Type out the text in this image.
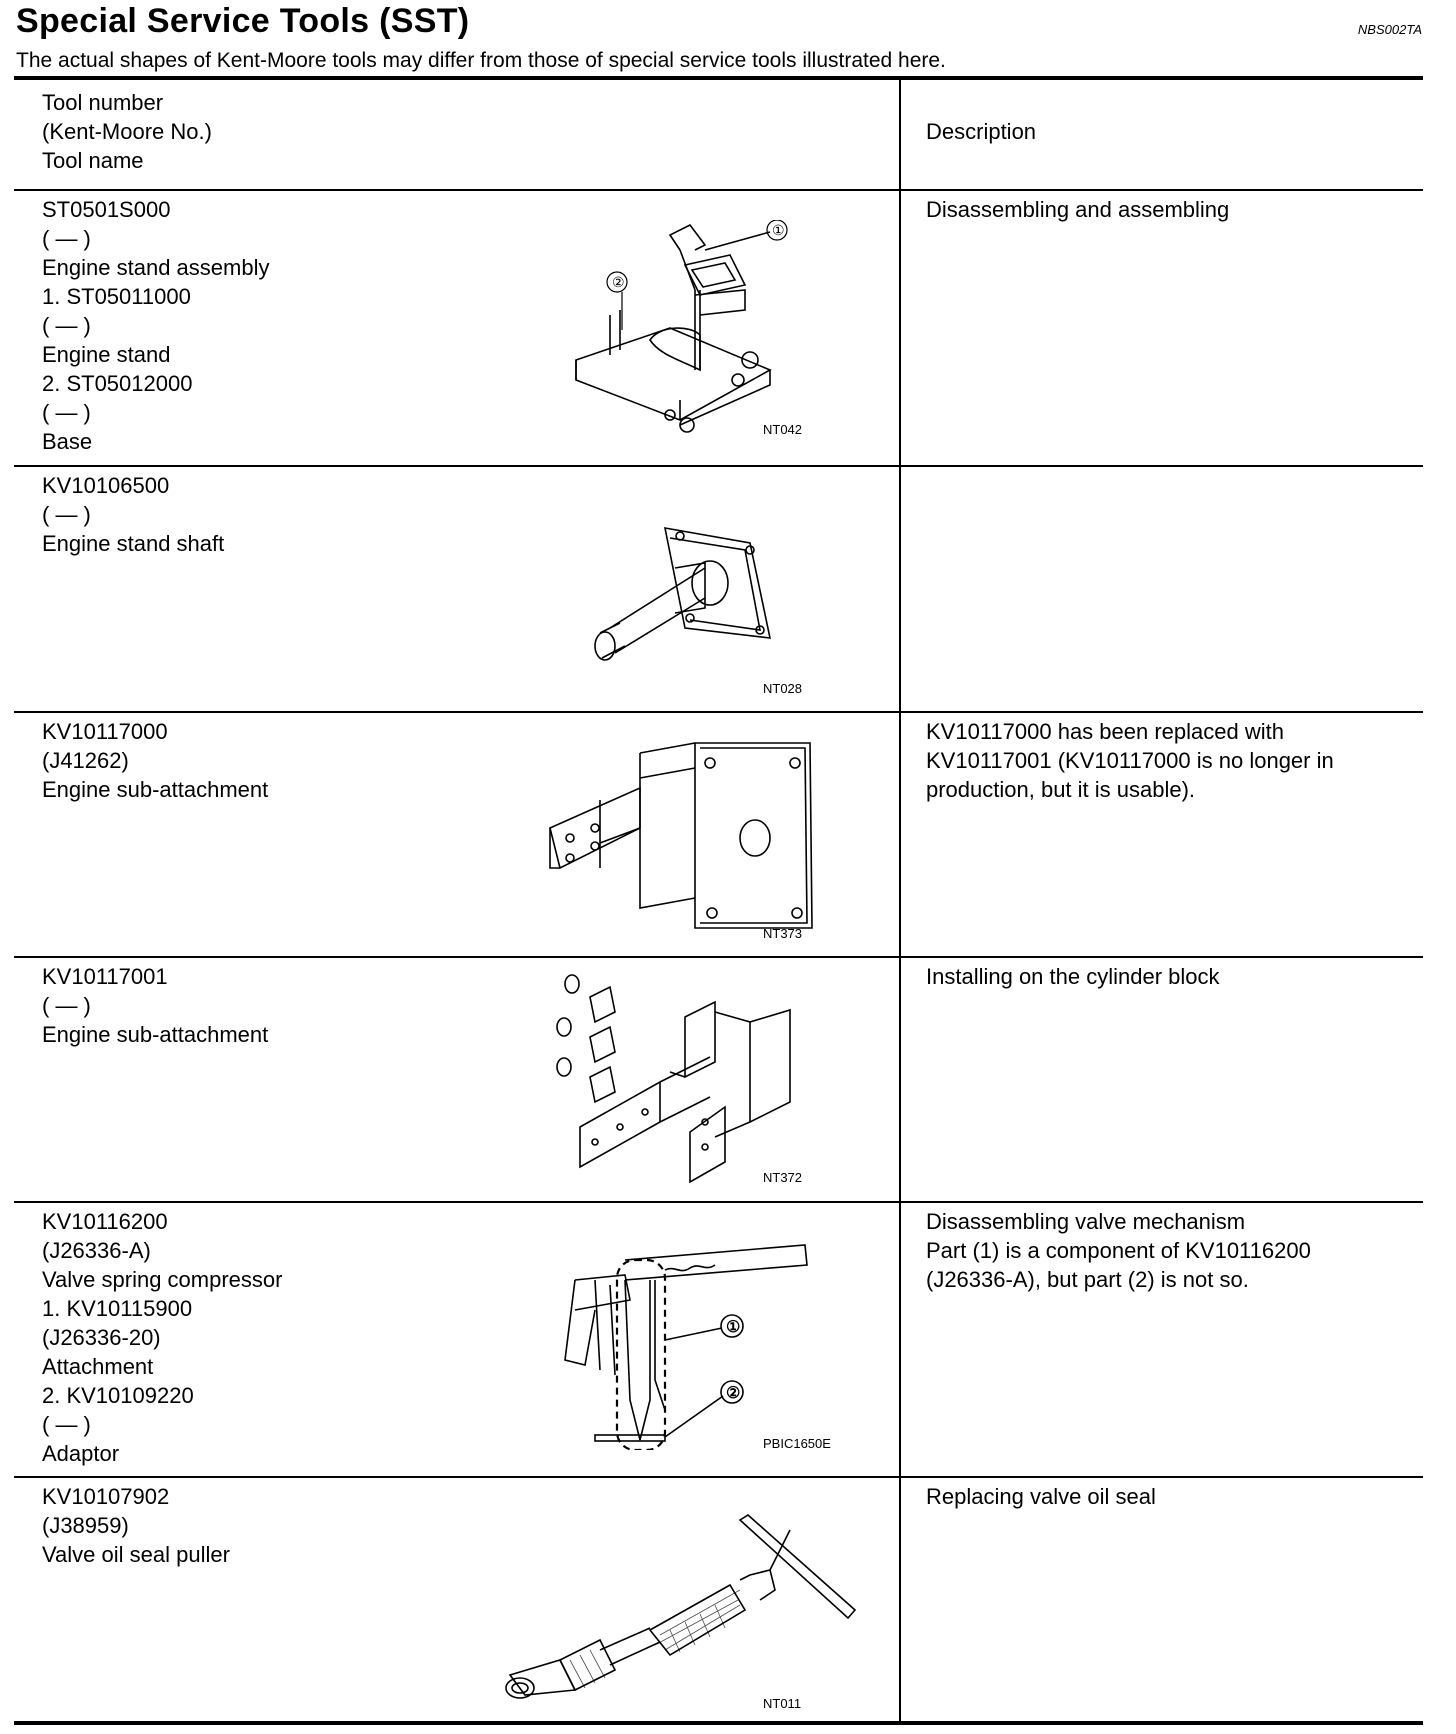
Special Service Tools (SST)	NBS002TA
The actual shapes of Kent-Moore tools may differ from those of special service tools illustrated here.
Tool number
(Kent-Moore No.)
Tool name
Description
ST0501S000
( — )
Engine stand assembly
1. ST05011000
( — )
Engine stand
2. ST05012000
( — )
Base
①
②
NT042
Disassembling and assembling
KV10106500
( — )
Engine stand shaft
NT028
KV10117000
(J41262)
Engine sub-attachment
NT373
KV10117000 has been replaced with
KV10117001 (KV10117000 is no longer in
production, but it is usable).
KV10117001
( — )
Engine sub-attachment
NT372
Installing on the cylinder block
KV10116200
(J26336-A)
Valve spring compressor
1. KV10115900
(J26336-20)
Attachment
2. KV10109220
( — )
Adaptor
①
②
PBIC1650E
Disassembling valve mechanism
Part (1) is a component of KV10116200
(J26336-A), but part (2) is not so.
KV10107902
(J38959)
Valve oil seal puller
NT011
Replacing valve oil seal
